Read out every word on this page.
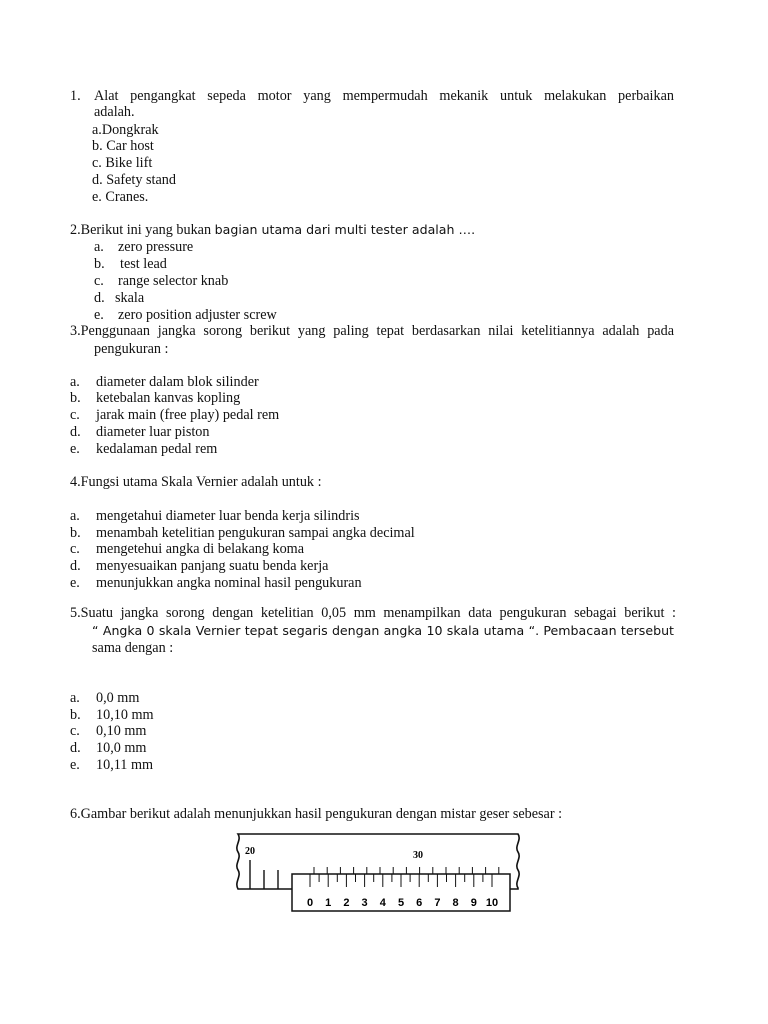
1. Alat pengangkat sepeda motor yang mempermudah mekanik untuk melakukan perbaikan
adalah.
a.Dongkrak
b. Car host
c. Bike lift
d. Safety stand
e. Cranes.
2.Berikut ini yang bukan bagian utama dari multi tester adalah ….
a. zero pressure
b. test lead
c. range selector knab
d. skala
e. zero position adjuster screw
3.Penggunaan jangka sorong berikut yang paling tepat berdasarkan nilai ketelitiannya adalah pada
pengukuran :
a. diameter dalam blok silinder
b. ketebalan kanvas kopling
c. jarak main (free play) pedal rem
d. diameter luar piston
e. kedalaman pedal rem
4.Fungsi utama Skala Vernier adalah untuk :
a. mengetahui diameter luar benda kerja silindris
b. menambah ketelitian pengukuran sampai angka decimal
c. mengetehui angka di belakang koma
d. menyesuaikan panjang suatu benda kerja
e. menunjukkan angka nominal hasil pengukuran
5.Suatu jangka sorong dengan ketelitian 0,05 mm menampilkan data pengukuran sebagai berikut :
“ Angka 0 skala Vernier tepat segaris dengan angka 10 skala utama “. Pembacaan tersebut
sama dengan :
a. 0,0 mm
b. 10,10 mm
c. 0,10 mm
d. 10,0 mm
e. 10,11 mm
6.Gambar berikut adalah menunjukkan hasil pengukuran dengan mistar geser sebesar :
20	30
0 1 2 3 4 5 6 7 8 9 10
